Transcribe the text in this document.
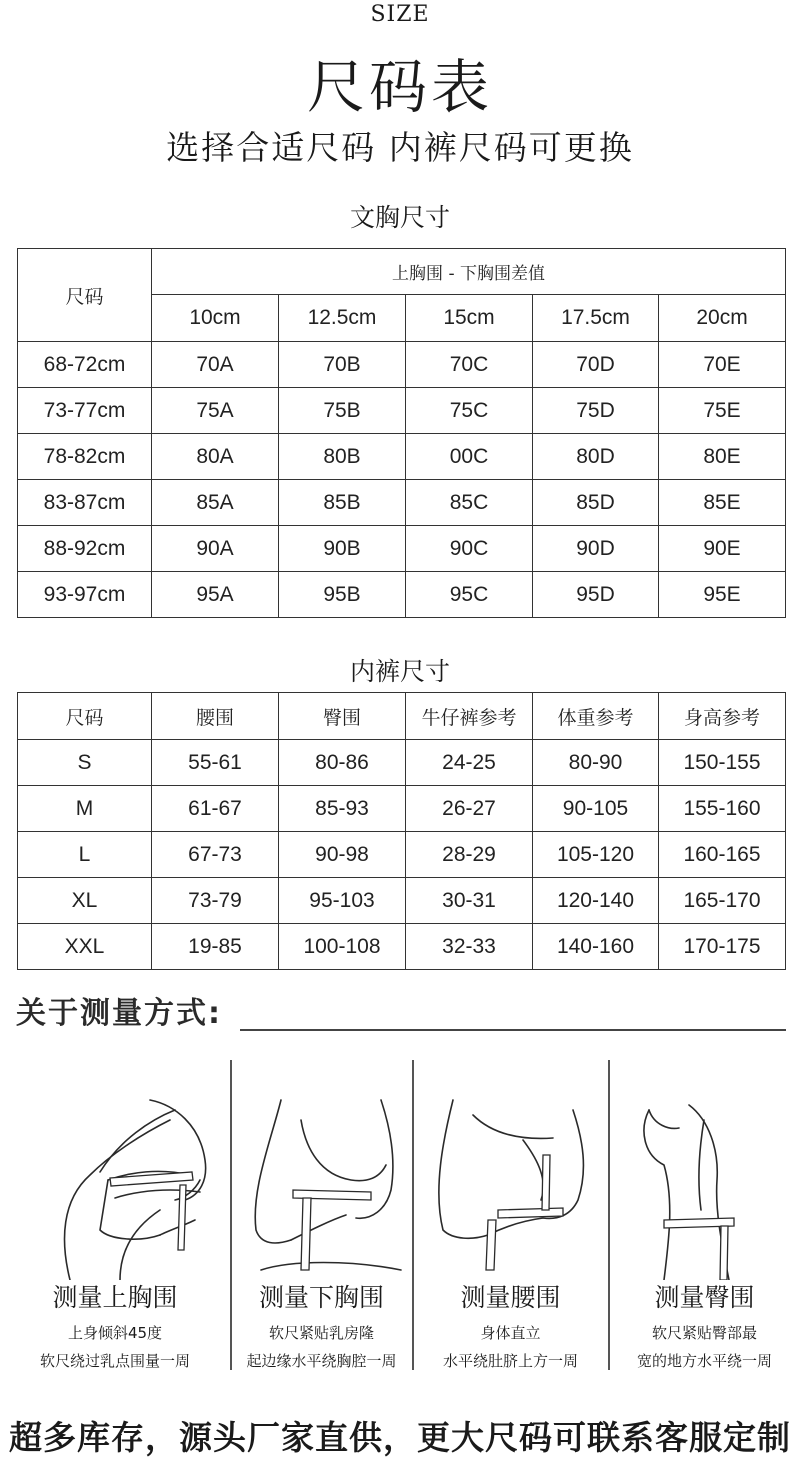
SIZE
尺码表
选择合适尺码 内裤尺码可更换
文胸尺寸
尺码	上胸围 - 下胸围差值				
	10cm	12.5cm	15cm	17.5cm	20cm
68-72cm	70A	70B	70C	70D	70E
73-77cm	75A	75B	75C	75D	75E
78-82cm	80A	80B	00C	80D	80E
83-87cm	85A	85B	85C	85D	85E
88-92cm	90A	90B	90C	90D	90E
93-97cm	95A	95B	95C	95D	95E
内裤尺寸
尺码	腰围	臀围	牛仔裤参考	体重参考	身高参考
S	55-61	80-86	24-25	80-90	150-155
M	61-67	85-93	26-27	90-105	155-160
L	67-73	90-98	28-29	105-120	160-165
XL	73-79	95-103	30-31	120-140	165-170
XXL	19-85	100-108	32-33	140-160	170-175
关于测量方式:
测量上胸围
上身倾斜45度
软尺绕过乳点围量一周
测量下胸围
软尺紧贴乳房隆
起边缘水平绕胸腔一周
测量腰围
身体直立
水平绕肚脐上方一周
测量臀围
软尺紧贴臀部最
宽的地方水平绕一周
超多库存，源头厂家直供，更大尺码可联系客服定制
